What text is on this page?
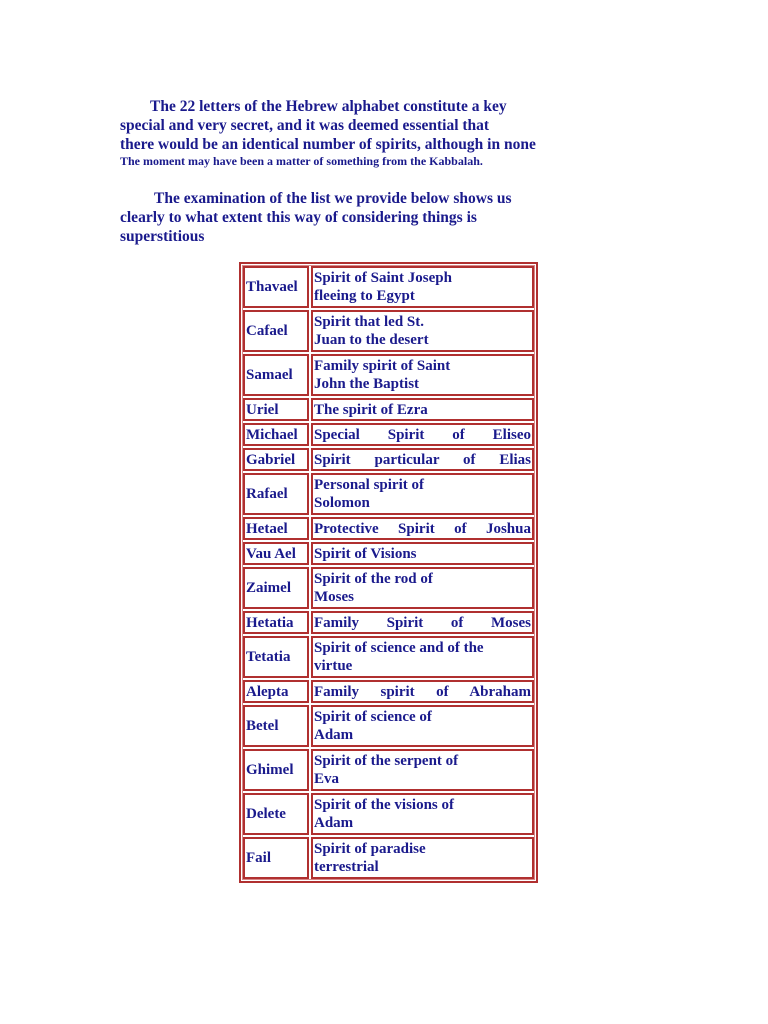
The 22 letters of the Hebrew alphabet constitute a key
special and very secret, and it was deemed essential that
there would be an identical number of spirits, although in none
The moment may have been a matter of something from the Kabbalah.
The examination of the list we provide below shows us
clearly to what extent this way of considering things is
superstitious
Thavael	Spirit of Saint Joseph
fleeing to Egypt

Cafael	Spirit that led St.
Juan to the desert

Samael	Family spirit of Saint
John the Baptist

Uriel	The spirit of Ezra

Michael	Special Spirit of Eliseo

Gabriel	Spirit particular of Elias

Rafael	Personal spirit of
Solomon

Hetael	Protective Spirit of Joshua

Vau Ael	Spirit of Visions

Zaimel	Spirit of the rod of
Moses

Hetatia	Family Spirit of Moses

Tetatia	Spirit of science and of the
virtue

Alepta	Family spirit of Abraham

Betel	Spirit of science of
Adam

Ghimel	Spirit of the serpent of
Eva

Delete	Spirit of the visions of
Adam

Fail	Spirit of paradise
terrestrial
